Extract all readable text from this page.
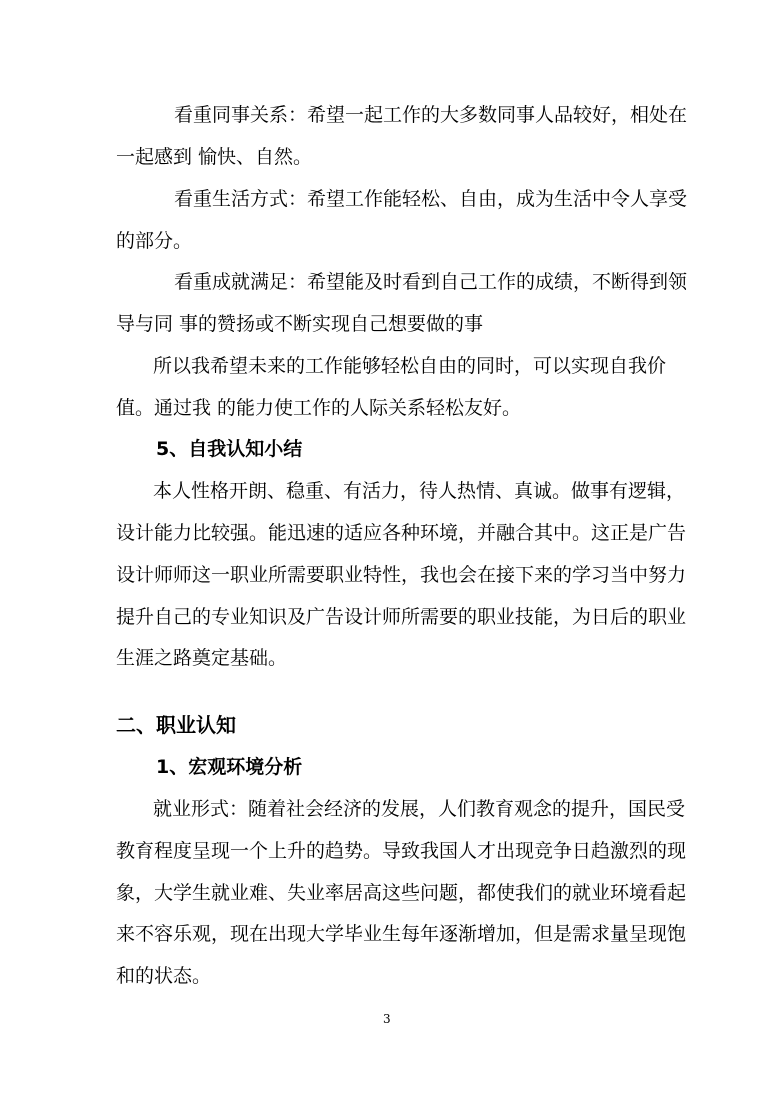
看重同事关系：希望一起工作的大多数同事人品较好，相处在
一起感到 愉快、自然。
看重生活方式：希望工作能轻松、自由，成为生活中令人享受
的部分。
看重成就满足：希望能及时看到自己工作的成绩，不断得到领
导与同 事的赞扬或不断实现自己想要做的事
所以我希望未来的工作能够轻松自由的同时，可以实现自我价
值。通过我 的能力使工作的人际关系轻松友好。
5、自我认知小结
本人性格开朗、稳重、有活力，待人热情、真诚。做事有逻辑，
设计能力比较强。能迅速的适应各种环境，并融合其中。这正是广告
设计师师这一职业所需要职业特性，我也会在接下来的学习当中努力
提升自己的专业知识及广告设计师所需要的职业技能，为日后的职业
生涯之路奠定基础。
二、职业认知
1、宏观环境分析
就业形式：随着社会经济的发展，人们教育观念的提升，国民受
教育程度呈现一个上升的趋势。导致我国人才出现竞争日趋激烈的现
象，大学生就业难、失业率居高这些问题，都使我们的就业环境看起
来不容乐观，现在出现大学毕业生每年逐渐增加，但是需求量呈现饱
和的状态。
3
